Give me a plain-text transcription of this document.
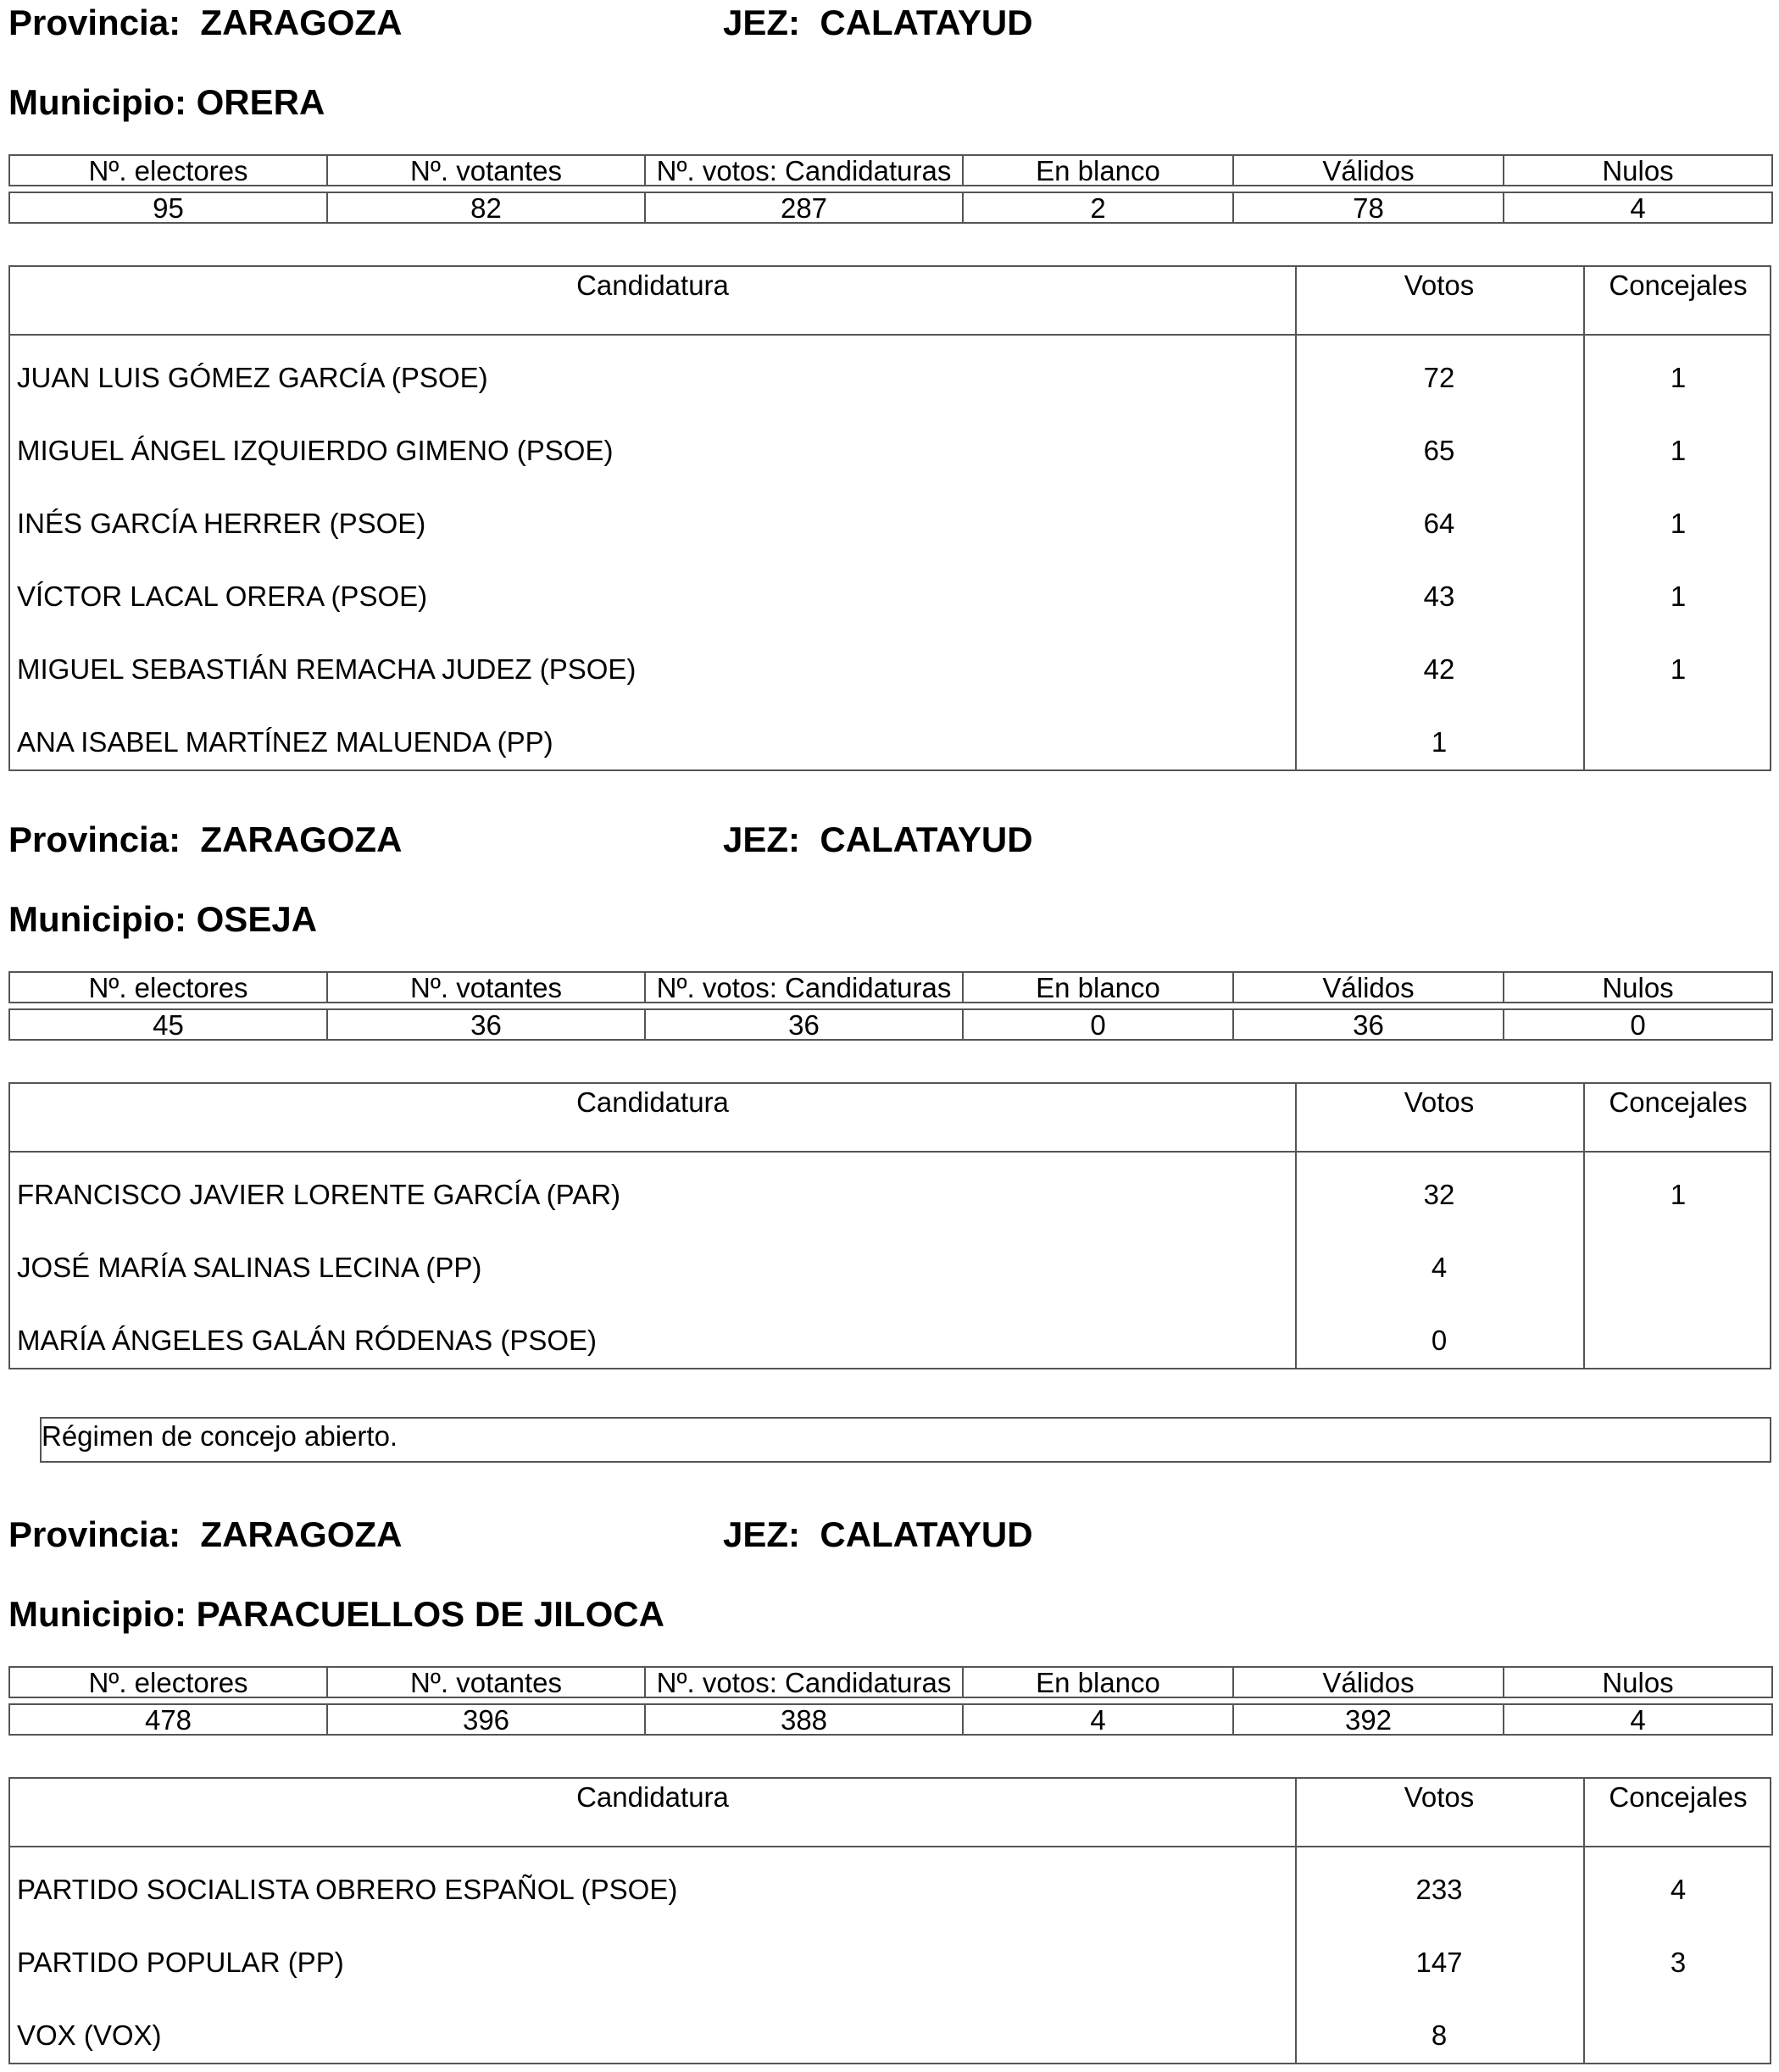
Provincia: ZARAGOZA	JEZ: CALATAYUD
Municipio: ORERA
Nº. electores	Nº. votantes	Nº. votos: Candidaturas	En blanco	Válidos	Nulos

95	82	287	2	78	4
Candidatura	Votos	Concejales
JUAN LUIS GÓMEZ GARCÍA (PSOE)	72	1
MIGUEL ÁNGEL IZQUIERDO GIMENO (PSOE)	65	1
INÉS GARCÍA HERRER (PSOE)	64	1
VÍCTOR LACAL ORERA (PSOE)	43	1
MIGUEL SEBASTIÁN REMACHA JUDEZ (PSOE)	42	1
ANA ISABEL MARTÍNEZ MALUENDA (PP)	1
Provincia: ZARAGOZA	JEZ: CALATAYUD
Municipio: OSEJA
Nº. electores	Nº. votantes	Nº. votos: Candidaturas	En blanco	Válidos	Nulos

45	36	36	0	36	0
Candidatura	Votos	Concejales
FRANCISCO JAVIER LORENTE GARCÍA (PAR)	32	1
JOSÉ MARÍA SALINAS LECINA (PP)	4
MARÍA ÁNGELES GALÁN RÓDENAS (PSOE)	0
Régimen de concejo abierto.
Provincia: ZARAGOZA	JEZ: CALATAYUD
Municipio: PARACUELLOS DE JILOCA
Nº. electores	Nº. votantes	Nº. votos: Candidaturas	En blanco	Válidos	Nulos

478	396	388	4	392	4
Candidatura	Votos	Concejales
PARTIDO SOCIALISTA OBRERO ESPAÑOL (PSOE)	233	4
PARTIDO POPULAR (PP)	147	3
VOX (VOX)	8
